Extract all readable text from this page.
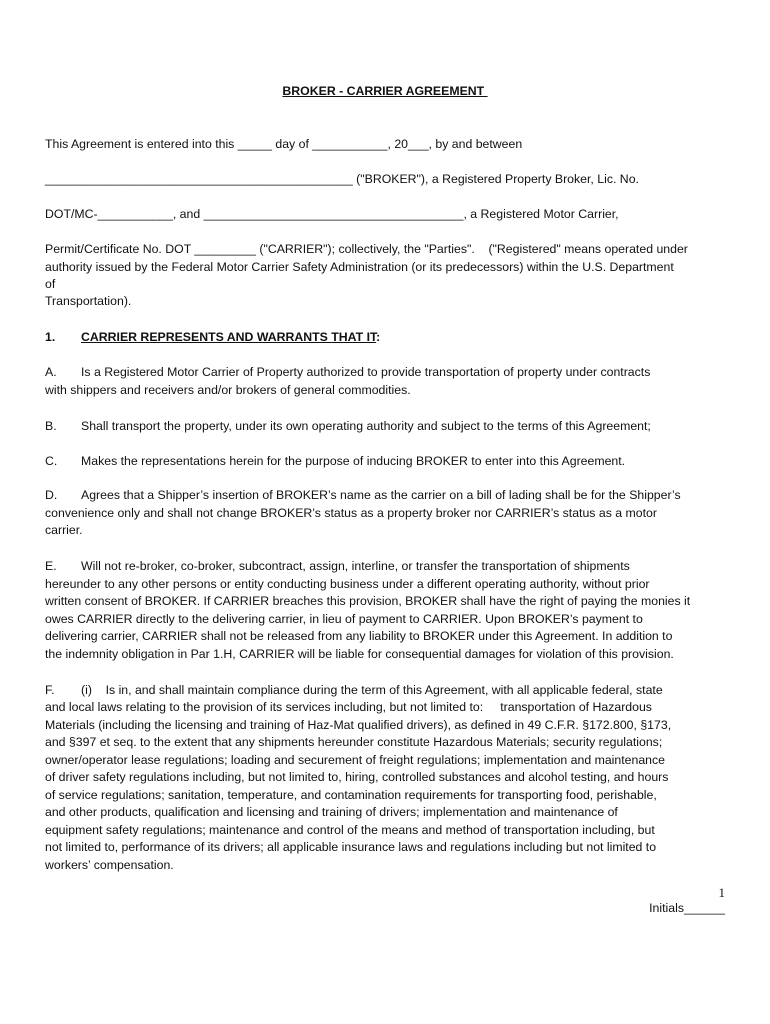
BROKER - CARRIER AGREEMENT
This Agreement is entered into this _____ day of ___________, 20___, by and between
_____________________________________________ ("BROKER"), a Registered Property Broker, Lic. No.
DOT/MC-___________, and ______________________________________, a Registered Motor Carrier,
Permit/Certificate No. DOT _________ ("CARRIER"); collectively, the "Parties".    ("Registered" means operated under
authority issued by the Federal Motor Carrier Safety Administration (or its predecessors) within the U.S. Department
of
Transportation).
1. CARRIER REPRESENTS AND WARRANTS THAT IT:
A. Is a Registered Motor Carrier of Property authorized to provide transportation of property under contracts
with shippers and receivers and/or brokers of general commodities.
B. Shall transport the property, under its own operating authority and subject to the terms of this Agreement;
C. Makes the representations herein for the purpose of inducing BROKER to enter into this Agreement.
D. Agrees that a Shipper’s insertion of BROKER’s name as the carrier on a bill of lading shall be for the Shipper’s
convenience only and shall not change BROKER’s status as a property broker nor CARRIER’s status as a motor
carrier.
E. Will not re-broker, co-broker, subcontract, assign, interline, or transfer the transportation of shipments
hereunder to any other persons or entity conducting business under a different operating authority, without prior
written consent of BROKER. If CARRIER breaches this provision, BROKER shall have the right of paying the monies it
owes CARRIER directly to the delivering carrier, in lieu of payment to CARRIER. Upon BROKER’s payment to
delivering carrier, CARRIER shall not be released from any liability to BROKER under this Agreement. In addition to
the indemnity obligation in Par 1.H, CARRIER will be liable for consequential damages for violation of this provision.
F. (i)    Is in, and shall maintain compliance during the term of this Agreement, with all applicable federal, state
and local laws relating to the provision of its services including, but not limited to:     transportation of Hazardous
Materials (including the licensing and training of Haz-Mat qualified drivers), as defined in 49 C.F.R. §172.800, §173,
and §397 et seq. to the extent that any shipments hereunder constitute Hazardous Materials; security regulations;
owner/operator lease regulations; loading and securement of freight regulations; implementation and maintenance
of driver safety regulations including, but not limited to, hiring, controlled substances and alcohol testing, and hours
of service regulations; sanitation, temperature, and contamination requirements for transporting food, perishable,
and other products, qualification and licensing and training of drivers; implementation and maintenance of
equipment safety regulations; maintenance and control of the means and method of transportation including, but
not limited to, performance of its drivers; all applicable insurance laws and regulations including but not limited to
workers’ compensation.
1
Initials______
